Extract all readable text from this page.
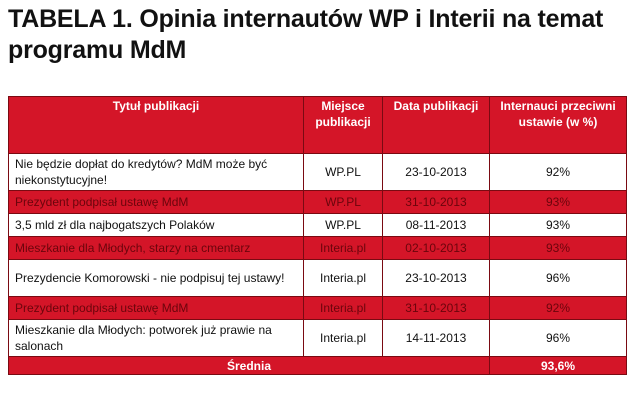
TABELA 1. Opinia internautów WP i Interii na temat programu MdM
Tytuł publikacji	Miejsce publikacji	Data publikacji	Internauci przeciwni ustawie (w %)
Nie będzie dopłat do kredytów? MdM może być niekonstytucyjne!	WP.PL	23-10-2013	92%
Prezydent podpisał ustawę MdM	WP.PL	31-10-2013	93%
3,5 mld zł dla najbogatszych Polaków	WP.PL	08-11-2013	93%
Mieszkanie dla Młodych, starzy na cmentarz	Interia.pl	02-10-2013	93%
Prezydencie Komorowski - nie podpisuj tej ustawy!	Interia.pl	23-10-2013	96%
Prezydent podpisał ustawę MdM	Interia.pl	31-10-2013	92%
Mieszkanie dla Młodych: potworek już prawie na salonach	Interia.pl	14-11-2013	96%
Średnia			93,6%
